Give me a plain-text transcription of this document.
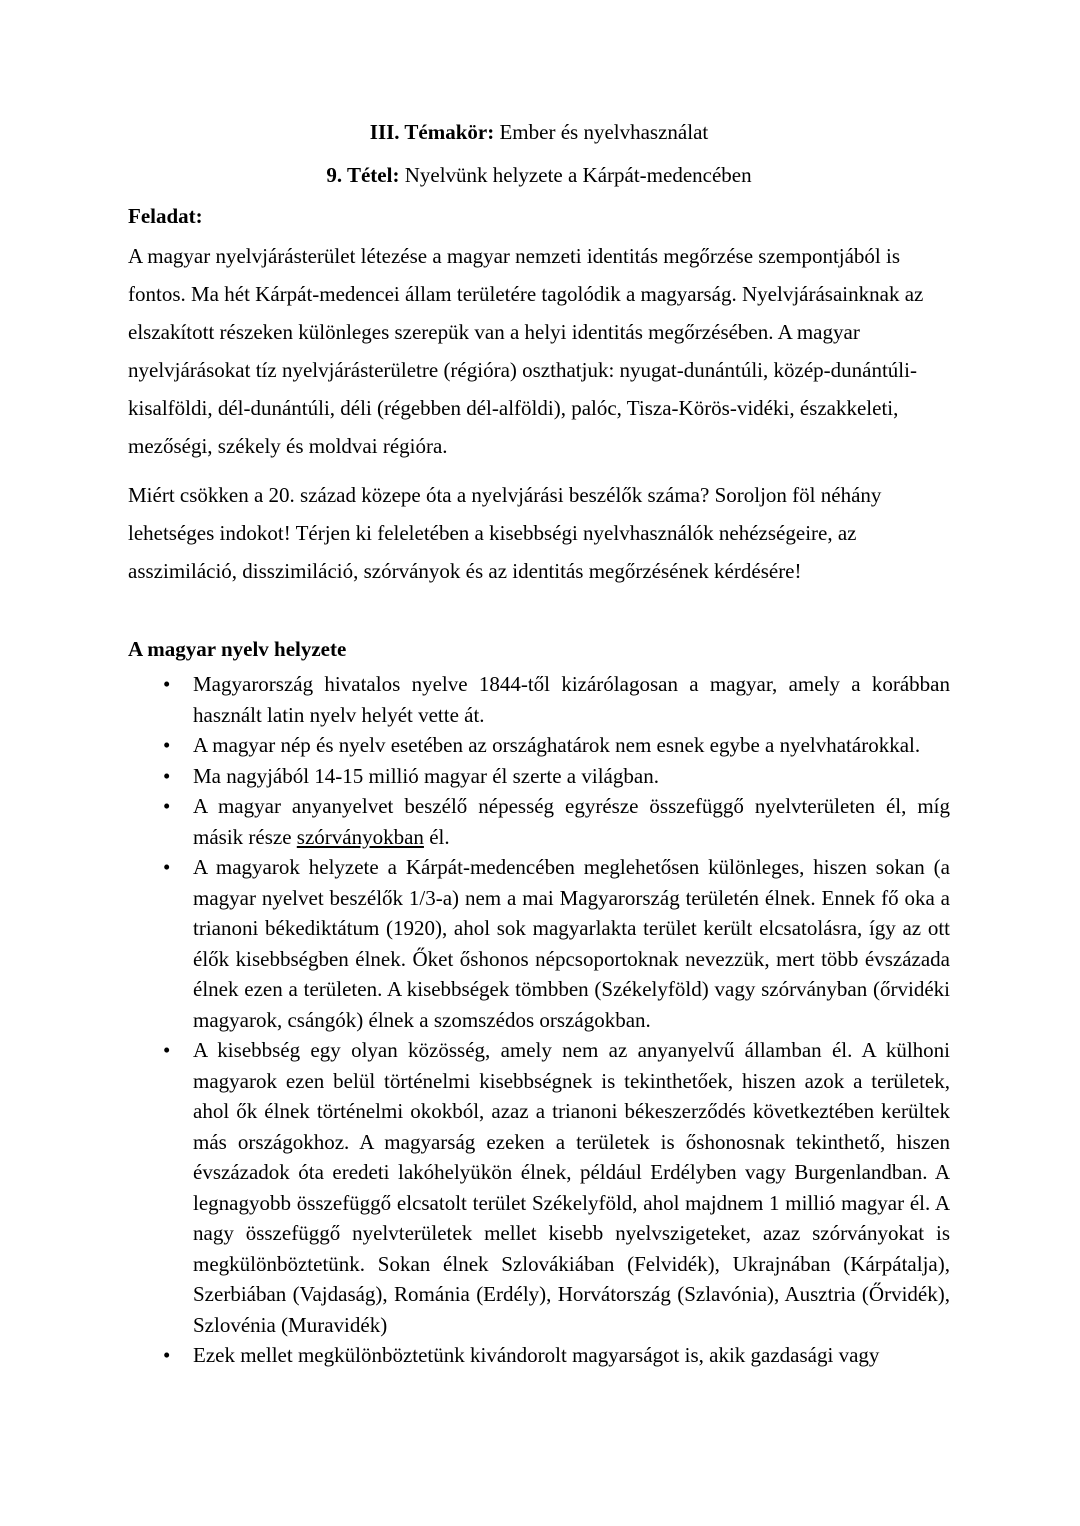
III. Témakör: Ember és nyelvhasználat
9. Tétel: Nyelvünk helyzete a Kárpát-medencében
Feladat:

A magyar nyelvjárásterület létezése a magyar nemzeti identitás megőrzése szempontjából is fontos. Ma hét Kárpát-medencei állam területére tagolódik a magyarság. Nyelvjárásainknak az elszakított részeken különleges szerepük van a helyi identitás megőrzésében. A magyar nyelvjárásokat tíz nyelvjárásterületre (régióra) oszthatjuk: nyugat-dunántúli, közép-dunántúli-kisalföldi, dél-dunántúli, déli (régebben dél-alföldi), palóc, Tisza-Körös-vidéki, északkeleti, mezőségi, székely és moldvai régióra.

Miért csökken a 20. század közepe óta a nyelvjárási beszélők száma? Soroljon föl néhány lehetséges indokot! Térjen ki feleletében a kisebbségi nyelvhasználók nehézségeire, az asszimiláció, disszimiláció, szórványok és az identitás megőrzésének kérdésére!

A magyar nyelv helyzete
• Magyarország hivatalos nyelve 1844-től kizárólagosan a magyar, amely a korábban használt latin nyelv helyét vette át.
• A magyar nép és nyelv esetében az országhatárok nem esnek egybe a nyelvhatárokkal.
• Ma nagyjából 14-15 millió magyar él szerte a világban.
• A magyar anyanyelvet beszélő népesség egyrésze összefüggő nyelvterületen él, míg másik része szórványokban él.
• A magyarok helyzete a Kárpát-medencében meglehetősen különleges, hiszen sokan (a magyar nyelvet beszélők 1/3-a) nem a mai Magyarország területén élnek. Ennek fő oka a trianoni békediktátum (1920), ahol sok magyarlakta terület került elcsatolásra, így az ott élők kisebbségben élnek. Őket őshonos népcsoportoknak nevezzük, mert több évszázada élnek ezen a területen. A kisebbségek tömbben (Székelyföld) vagy szórványban (őrvidéki magyarok, csángók) élnek a szomszédos országokban.
• A kisebbség egy olyan közösség, amely nem az anyanyelvű államban él. A külhoni magyarok ezen belül történelmi kisebbségnek is tekinthetőek, hiszen azok a területek, ahol ők élnek történelmi okokból, azaz a trianoni békeszerződés következtében kerültek más országokhoz. A magyarság ezeken a területek is őshonosnak tekinthető, hiszen évszázadok óta eredeti lakóhelyükön élnek, például Erdélyben vagy Burgenlandban. A legnagyobb összefüggő elcsatolt terület Székelyföld, ahol majdnem 1 millió magyar él. A nagy összefüggő nyelvterületek mellet kisebb nyelvszigeteket, azaz szórványokat is megkülönböztetünk. Sokan élnek Szlovákiában (Felvidék), Ukrajnában (Kárpátalja), Szerbiában (Vajdaság), Románia (Erdély), Horvátország (Szlavónia), Ausztria (Őrvidék), Szlovénia (Muravidék)
• Ezek mellet megkülönböztetünk kivándorolt magyarságot is, akik gazdasági vagy
